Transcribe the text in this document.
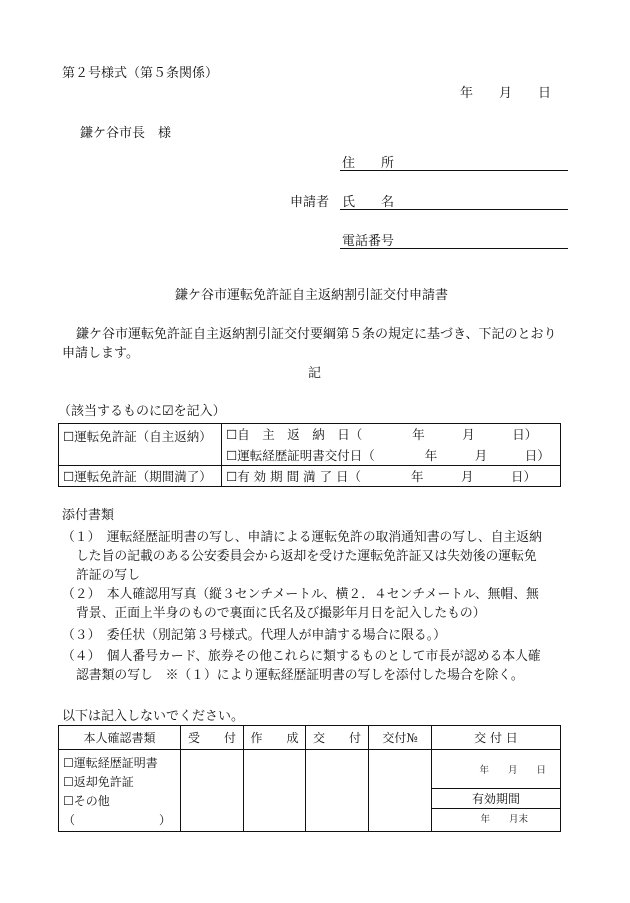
第２号様式（第５条関係）
年　　月　　日
鎌ケ谷市長　様
住　　所
申請者 氏　　名
電話番号
鎌ケ谷市運転免許証自主返納割引証交付申請書
鎌ケ谷市運転免許証自主返納割引証交付要綱第５条の規定に基づき、下記のとおり
申請します。
記
（該当するものに☑を記入）
☐運転免許証（自主返納）	☐自　主　返　納　日（　　　　年　　　月　　　日）
	☐運転経歴証明書交付日（　　　　年　　　月　　　日）
☐運転免許証（期間満了）	☐有 効 期 間 満 了 日（　　　　年　　　月　　　日）
添付書類
（１）　運転経歴証明書の写し、申請による運転免許の取消通知書の写し、自主返納
した旨の記載のある公安委員会から返却を受けた運転免許証又は失効後の運転免
許証の写し
（２）　本人確認用写真（縦３センチメートル、横２．４センチメートル、無帽、無
背景、正面上半身のもので裏面に氏名及び撮影年月日を記入したもの）
（３）　委任状（別記第３号様式。代理人が申請する場合に限る。）
（４）　個人番号カード、旅券その他これらに類するものとして市長が認める本人確
認書類の写し　※（１）により運転経歴証明書の写しを添付した場合を除く。
以下は記入しないでください。
本人確認書類	受　　付	作　　成	交　　付	交付№	交 付 日

☐運転経歴証明書
☐返却免許証
☐その他
（　　　　　　　）					年　　月　　日

					有効期間
年　　月末
